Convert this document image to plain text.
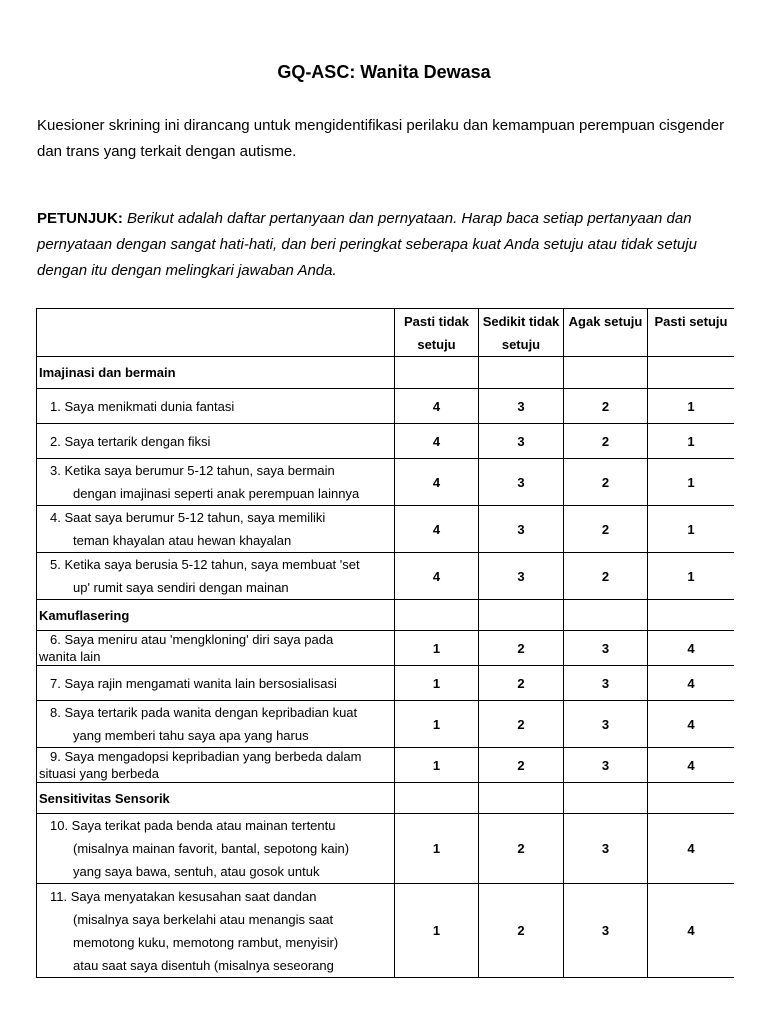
GQ-ASC: Wanita Dewasa
Kuesioner skrining ini dirancang untuk mengidentifikasi perilaku dan kemampuan perempuan cisgender dan trans yang terkait dengan autisme.
PETUNJUK: Berikut adalah daftar pertanyaan dan pernyataan. Harap baca setiap pertanyaan dan pernyataan dengan sangat hati-hati, dan beri peringkat seberapa kuat Anda setuju atau tidak setuju dengan itu dengan melingkari jawaban Anda.
	Pasti tidak setuju	Sedikit tidak setuju	Agak setuju	Pasti setuju
Imajinasi dan bermain				

1. Saya menikmati dunia fantasi	4	3	2	1

2. Saya tertarik dengan fiksi	4	3	2	1

3. Ketika saya berumur 5-12 tahun, saya bermain
dengan imajinasi seperti anak perempuan lainnya	4	3	2	1

4. Saat saya berumur 5-12 tahun, saya memiliki
teman khayalan atau hewan khayalan	4	3	2	1

5. Ketika saya berusia 5-12 tahun, saya membuat 'set
up' rumit saya sendiri dengan mainan	4	3	2	1
Kamuflasering				

6. Saya meniru atau 'mengkloning' diri saya pada
wanita lain	1	2	3	4

7. Saya rajin mengamati wanita lain bersosialisasi	1	2	3	4

8. Saya tertarik pada wanita dengan kepribadian kuat
yang memberi tahu saya apa yang harus	1	2	3	4

9. Saya mengadopsi kepribadian yang berbeda dalam
situasi yang berbeda	1	2	3	4
Sensitivitas Sensorik				

10. Saya terikat pada benda atau mainan tertentu
(misalnya mainan favorit, bantal, sepotong kain)
yang saya bawa, sentuh, atau gosok untuk	1	2	3	4

11. Saya menyatakan kesusahan saat dandan
(misalnya saya berkelahi atau menangis saat
memotong kuku, memotong rambut, menyisir)
atau saat saya disentuh (misalnya seseorang	1	2	3	4
